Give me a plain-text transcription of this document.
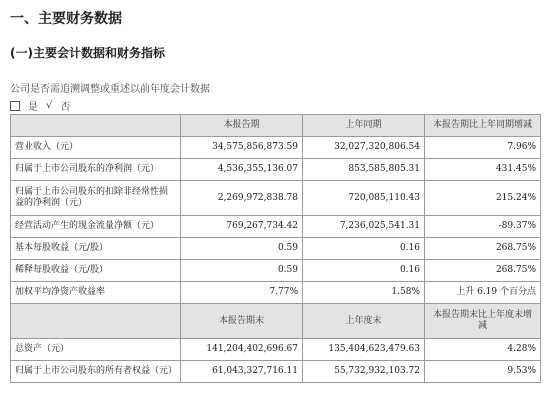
一、主要财务数据
(一)主要会计数据和财务指标
公司是否需追溯调整或重述以前年度会计数据
是 √ 否
	本报告期	上年同期	本报告期比上年同期增减
营业收入（元）	34,575,856,873.59	32,027,320,806.54	7.96%
归属于上市公司股东的净利润（元）	4,536,355,136.07	853,585,805.31	431.45%
归属于上市公司股东的扣除非经常性损益的净利润（元）	2,269,972,838.78	720,085,110.43	215.24%
经营活动产生的现金流量净额（元）	769,267,734.42	7,236,025,541.31	-89.37%
基本每股收益（元/股）	0.59	0.16	268.75%
稀释每股收益（元/股）	0.59	0.16	268.75%
加权平均净资产收益率	7.77%	1.58%	上升 6.19 个百分点
	本报告期末	上年度末	本报告期末比上年度末增减
总资产（元）	141,204,402,696.67	135,404,623,479.63	4.28%
归属于上市公司股东的所有者权益（元）	61,043,327,716.11	55,732,932,103.72	9.53%
